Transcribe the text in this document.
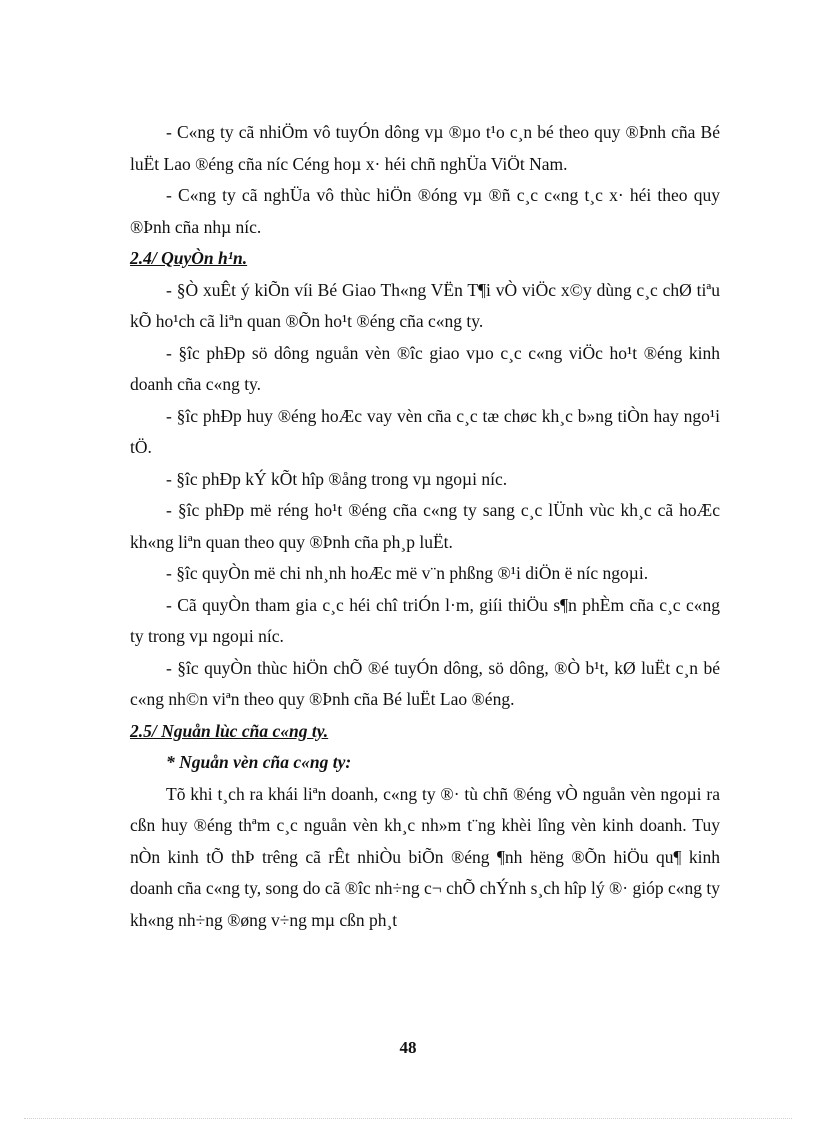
- C«ng ty cã nhiÖm vô tuyÓn dông vµ ®µo t¹o c¸n bé theo quy ®Þnh cña Bé luËt Lao ®éng cña níc Céng hoµ x· héi chñ nghÜa ViÖt Nam.

- C«ng ty cã nghÜa vô thùc hiÖn ®óng vµ ®ñ c¸c c«ng t¸c x· héi theo quy ®Þnh cña nhµ níc.

2.4/ QuyÒn h¹n.

- §Ò xuÊt ý kiÕn víi Bé Giao Th«ng VËn T¶i vÒ viÖc x©y dùng c¸c chØ tiªu kÕ ho¹ch cã liªn quan ®Õn ho¹t ®éng cña c«ng ty.

- §îc phÐp sö dông nguån vèn ®îc giao vµo c¸c c«ng viÖc ho¹t ®éng kinh doanh cña c«ng ty.

- §îc phÐp huy ®éng hoÆc vay vèn cña c¸c tæ chøc kh¸c b»ng tiÒn hay ngo¹i tÖ.

- §îc phÐp kÝ kÕt hîp ®ång trong vµ ngoµi níc.

- §îc phÐp më réng ho¹t ®éng cña c«ng ty sang c¸c lÜnh vùc kh¸c cã hoÆc kh«ng liªn quan theo quy ®Þnh cña ph¸p luËt.

- §îc quyÒn më chi nh¸nh hoÆc më v¨n phßng ®¹i diÖn ë níc ngoµi.

- Cã quyÒn tham gia c¸c héi chî triÓn l·m, giíi thiÖu s¶n phÈm cña c¸c c«ng ty trong vµ ngoµi níc.

- §îc quyÒn thùc hiÖn chÕ ®é tuyÓn dông, sö dông, ®Ò b¹t, kØ luËt c¸n bé c«ng nh©n viªn theo quy ®Þnh cña Bé luËt Lao ®éng.

2.5/ Nguån lùc cña c«ng ty.

* Nguån vèn cña c«ng ty:

Tõ khi t¸ch ra khái liªn doanh, c«ng ty ®· tù chñ ®éng vÒ nguån vèn ngoµi ra cßn huy ®éng thªm c¸c nguån vèn kh¸c nh»m t¨ng khèi lîng vèn kinh doanh. Tuy nÒn kinh tÕ thÞ trêng cã rÊt nhiÒu biÕn ®éng ¶nh hëng ®Õn hiÖu qu¶ kinh doanh cña c«ng ty, song do cã ®îc nh÷ng c¬ chÕ chÝnh s¸ch hîp lý ®· gióp c«ng ty kh«ng nh÷ng ®øng v÷ng mµ cßn ph¸t

48
